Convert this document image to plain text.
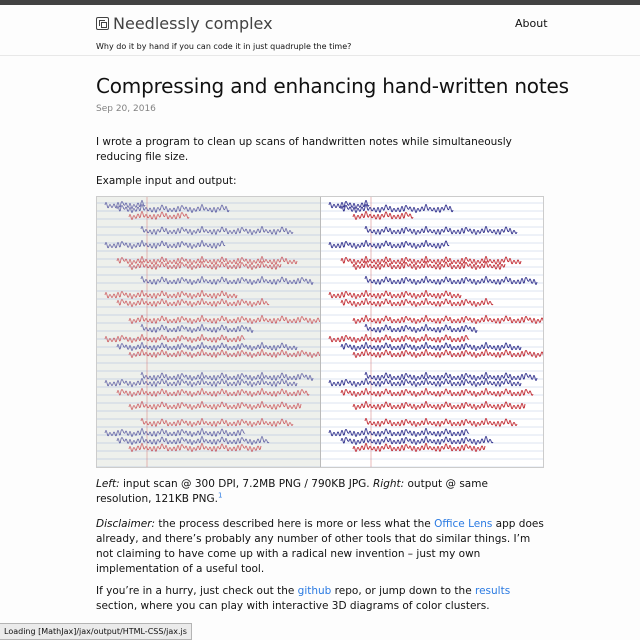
Needlessly complex
Why do it by hand if you can code it in just quadruple the time?
About
Compressing and enhancing hand-written notes
Sep 20, 2016

I wrote a program to clean up scans of handwritten notes while simultaneously reducing file size.

Example input and output:

Left: input scan @ 300 DPI, 7.2MB PNG / 790KB JPG. Right: output @ same resolution, 121KB PNG.$^1$

Disclaimer: the process described here is more or less what the Office Lens app does already, and there’s probably any number of other tools that do similar things. I’m not claiming to have come up with a radical new invention – just my own implementation of a useful tool.

If you’re in a hurry, just check out the github repo, or jump down to the results section, where you can play with interactive 3D diagrams of color clusters.

Loading [MathJax]/jax/output/HTML-CSS/jax.js
